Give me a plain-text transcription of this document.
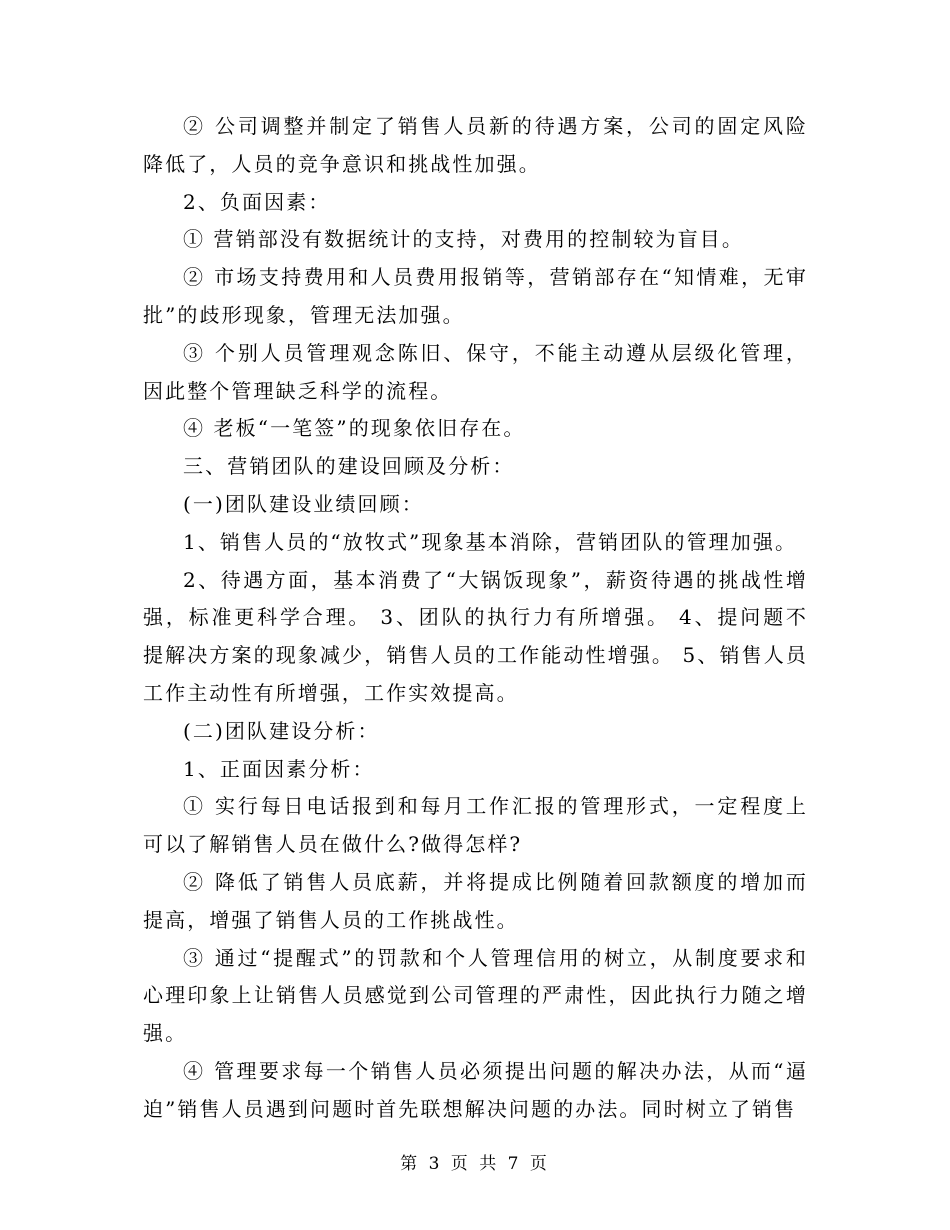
② 公司调整并制定了销售人员新的待遇方案，公司的固定风险降低了，人员的竞争意识和挑战性加强。

2、负面因素：

① 营销部没有数据统计的支持，对费用的控制较为盲目。

② 市场支持费用和人员费用报销等，营销部存在“知情难，无审批”的歧形现象，管理无法加强。

③ 个别人员管理观念陈旧、保守，不能主动遵从层级化管理，因此整个管理缺乏科学的流程。

④ 老板“一笔签”的现象依旧存在。

三、营销团队的建设回顾及分析：

(一)团队建设业绩回顾：

1、销售人员的“放牧式”现象基本消除，营销团队的管理加强。

2、待遇方面，基本消费了“大锅饭现象”，薪资待遇的挑战性增强，标准更科学合理。 3、团队的执行力有所增强。 4、提问题不提解决方案的现象减少，销售人员的工作能动性增强。 5、销售人员工作主动性有所增强，工作实效提高。

(二)团队建设分析：

1、正面因素分析：

① 实行每日电话报到和每月工作汇报的管理形式，一定程度上可以了解销售人员在做什么?做得怎样?

② 降低了销售人员底薪，并将提成比例随着回款额度的增加而提高，增强了销售人员的工作挑战性。

③ 通过“提醒式”的罚款和个人管理信用的树立，从制度要求和心理印象上让销售人员感觉到公司管理的严肃性，因此执行力随之增强。

④ 管理要求每一个销售人员必须提出问题的解决办法，从而“逼迫”销售人员遇到问题时首先联想解决问题的办法。同时树立了销售

第 3 页 共 7 页
